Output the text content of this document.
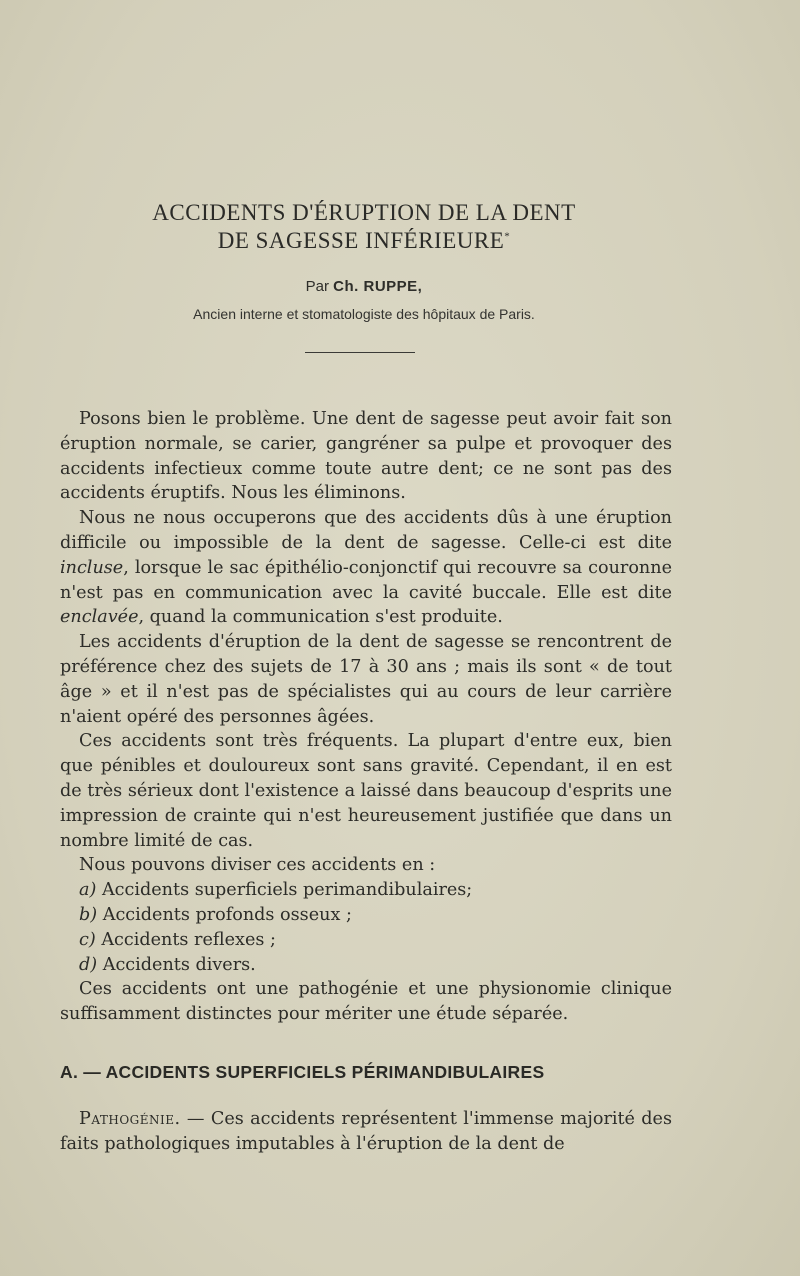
ACCIDENTS D'ÉRUPTION DE LA DENT
DE SAGESSE INFÉRIEURE*
Par Ch. RUPPE,
Ancien interne et stomatologiste des hôpitaux de Paris.

Posons bien le problème. Une dent de sagesse peut avoir fait son éruption normale, se carier, gangréner sa pulpe et provoquer des accidents infectieux comme toute autre dent; ce ne sont pas des accidents éruptifs. Nous les éliminons.

Nous ne nous occuperons que des accidents dûs à une éruption difficile ou impossible de la dent de sagesse. Celle-ci est dite incluse, lorsque le sac épithélio-conjonctif qui recouvre sa couronne n'est pas en communication avec la cavité buccale. Elle est dite enclavée, quand la communication s'est produite.

Les accidents d'éruption de la dent de sagesse se rencontrent de préférence chez des sujets de 17 à 30 ans ; mais ils sont « de tout âge » et il n'est pas de spécialistes qui au cours de leur carrière n'aient opéré des personnes âgées.

Ces accidents sont très fréquents. La plupart d'entre eux, bien que pénibles et douloureux sont sans gravité. Cependant, il en est de très sérieux dont l'existence a laissé dans beaucoup d'esprits une impression de crainte qui n'est heureusement justifiée que dans un nombre limité de cas.

Nous pouvons diviser ces accidents en :

a) Accidents superficiels perimandibulaires;

b) Accidents profonds osseux ;

c) Accidents reflexes ;

d) Accidents divers.

Ces accidents ont une pathogénie et une physionomie clinique suffisamment distinctes pour mériter une étude séparée.

A. — ACCIDENTS SUPERFICIELS PÉRIMANDIBULAIRES

Pathogénie. — Ces accidents représentent l'immense majorité des faits pathologiques imputables à l'éruption de la dent de
